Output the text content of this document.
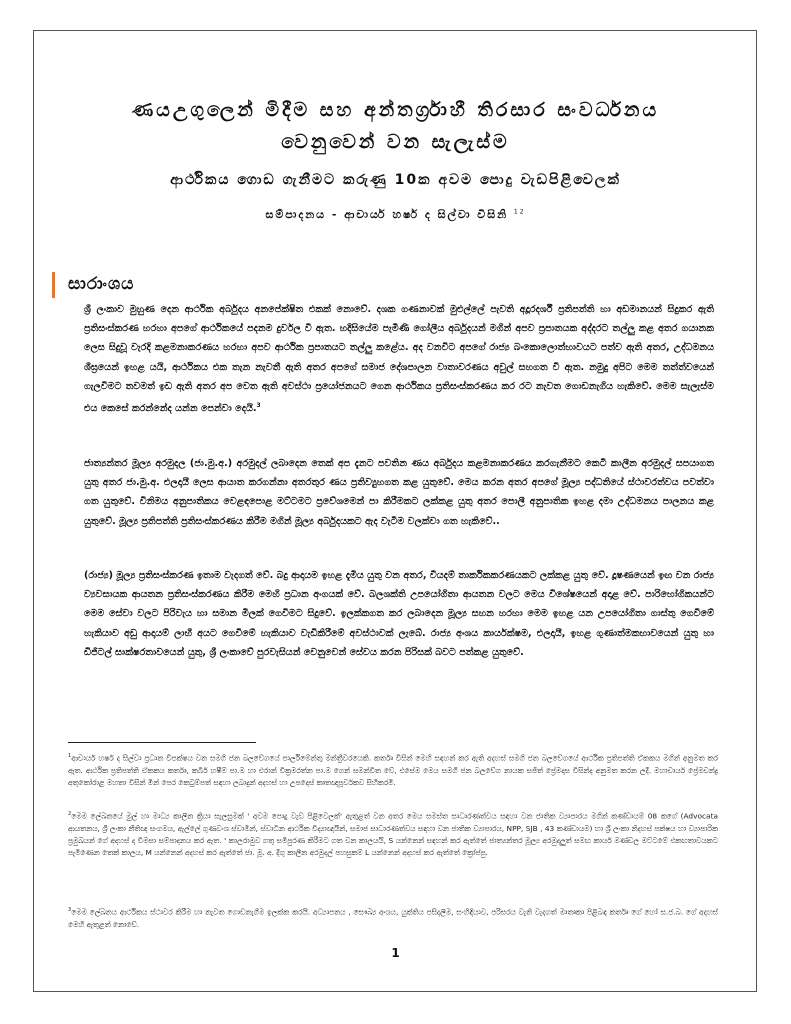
ණයඋගුලෙන් මිදීම සහ අන්තර්ග්‍රාහී තිරසාර සංවර්ධනය
වෙනුවෙන් වන සැලැස්ම
ආර්ථිකය ගොඩ ගැනීමට කරුණු 10ක අවම පොදු වැඩපිළිවෙලක්
සම්පාදනය - ආචාර්ය හර්ෂ ද සිල්වා විසිනි $^{12}$
සාරාංශය

ශ්‍රී ලංකාව මුහුණ දෙන ආර්ථික අර්බුදය අනපේක්ෂිත එකක් නොවේ. දශක ගණනාවක් මුළුල්ලේ පැවති අදූරදර්ශී ප්‍රතිපත්ති හා අඩමානයන් සිදුකර ඇති ප්‍රතිසංස්කරණ හරහා අපගේ ආර්ථිකයේ පදනම දුර්වල වී ඇත. හදිසියේම පැමිණි ගෝලීය අර්බුදයන් මගින් අපව ප්‍රපාතයක අද්දරට තල්ලු කළ අතර ගයානක ලෙස සිදුවූ වැරදි කළමනාකරණය හරහා අපව ආර්ථික ප්‍රපාතයට තල්ලු කළේය. අද වනවිට අපගේ රාජ්‍ය බංකොලොත්භාවයට පත්ව ඇති අතර, උද්ධමනය ශීඝ්‍රයෙන් ඉහළ යයි, ආර්ථිකය එක තැන නැවතී ඇති අතර අපගේ සමාජ දේශපාලන වාතාවරණය අවුල් සහගත වී ඇත. නමුදු අපිට මෙම තත්ත්වයෙන් ගැලවීමට තවමත් ඉඩ ඇති අතර අප වෙත ඇති අවස්ථා ප්‍රයෝජනයට ගෙන ආර්ථිකය ප්‍රතිසංස්කරණය කර රට නැවත ගොඩනැගිය හැකිවේ. මෙම සැලැස්ම එය කෙසේ කරන්නේද යන්න පෙන්වා දෙයි.$^3$

ජාත්‍යන්තර මූල්‍ය අරමුදල (ජා.මු.අ.) අරමුදල් ලබාදෙන තෙක් අප දැනට පවතින ණය අර්බුදය කළමනාකරණය කරගැනීමට කෙටි කාලීන අරමුදල් සපයාගත යුතු අතර ජා.මු.අ. එලදායී ලෙස ආයාත කරගන්නා අතරතුර ණය ප්‍රතිව්‍යුහගත කළ යුතුවේ. මෙය කරන අතර අපගේ මූල්‍ය පද්ධතියේ ස්ථාවරත්වය පවත්වා ගත යුතුවේ. විනිමය අනුපාතිකය වෙළඳපොළ මට්ටමට ප්‍රවේශමෙන් පා කිරීමකට ලක්කළ යුතු අතර පොලී අනුපාතික ඉහළ දමා උද්ධමනය පාලනය කළ යුතුවේ. මූල්‍ය ප්‍රතිපත්ති ප්‍රතිසංස්කරණය කිරීම මගින් මූල්‍ය අර්බුදයකට ඇද වැටීම වලක්වා ගත හැකිවේ..

(රාජ්‍ය) මූල්‍ය ප්‍රතිසංස්කරණ ඉතාම වැදගත් වේ. බදු ආදායම ඉහළ දැමිය යුතු වන අතර, වියදම් තාර්කිකකරණයකට ලක්කළ යුතු වේ. දූෂණයෙන් ඉඟ වන රාජ්‍ය ව්‍යවසායක ආයතන ප්‍රතිසංස්කරණය කිරීම මෙහි ප්‍රධාන අංගයක් වේ. බලශක්ති උපයෝගිතා ආයතන වලට මෙය විශේෂයෙන් අදාළ වේ. පාරිභෝගිකයන්ට මෙම සේවා වලට පිරිවැය හා සමාන මිලක් ගෙවීමට සිදුවේ. ඉලක්කගත කර ලබාදෙන මූල්‍ය සහන හරහා මෙම ඉහළ යන උපයෝගිතා ගාස්තු ගෙවීමේ හැකියාව අඩු ආදායම් ලාභී අයට ගෙවීමේ හැකියාව වැඩිකිරීමේ අවස්ථාවක් ලැබේ. රාජ්‍ය අංශය කාර්යක්ෂම, එලදායී, ඉහළ ගුණාත්මකභාවයෙන් යුතු හා ඩිජිටල් සාක්ෂරතාවයෙන් යුතු, ශ්‍රී ලංකාවේ පුරවැසියන් වෙනුවෙන් සේවය කරන පිරිසක් බවට පත්කළ යුතුවේ.

$^1$ආචාර්ය හර්ෂ ද සිල්වා ප්‍රධාන විපක්ෂය වන සමගි ජන බලවේගයේ පාර්ලිමේන්තු මන්ත්‍රීවරයෙකි. කර්තෘ විසින් මෙහි සඳහන් කර ඇති අදහස් සමගි ජන බලවේගයේ ආර්ථික ප්‍රතිපත්ති ඒකකය මගින් අනුමත කර ඇත. ආර්ථික ප්‍රතිපත්ති ඒකකය කර්තෘ, කබීර් හෂීම් පා.ම හා එරාන් වික්‍රමරත්න පා.ම ගෙන් සමන්විත වේ, එසේම මෙය සමගි ජන බලවේග නායක සජිත් ප්‍රේමදාස විසින්ද අනුමත කරන ලදී. මහාචාර්ය ප්‍රේමචන්ද්‍ර අතුකෝරාළ මහතා විසින් මින් පෙර කෙටුම්පත් සඳහා ලබාදුන් අදහස් හා උපදෙස් කෘතඥපූර්වකව සිහිකරමි.

$^2$මෙම ලේඛනයේ මුල් හා මාධ්‍ය කාලීන ක්‍රියා සැලසුමක් ' අවම පොදු වැඩ පිළිවෙලක්' ඇතුළත් වන අතර මෙය සමස්ත සාධාරණත්වය සඳහා වන ජාතික ව්‍යාපාරය මගින් කණ්ඩායම් 08 කගේ (Advocata ආයතනය, ශ්‍රී ලංකා නීතිඥ සංගමය, ඇල්ලේ ගුණවංශ ස්වාමීන්, ස්වාධීන ආර්ථික විද්‍යාඥයින්, සමාජ සාධාරණත්වය සඳහා වන ජාතික ව්‍යාපාරය, NPP, SJB , 43 කණ්ඩායම) හා ශ්‍රී ලංකා නිදහස් පක්ෂය හා ව්‍යාපාරික ප්‍රමුඛයන් ගේ අදහස් ද විමසා සම්පාදනය කර ඇත. ' කාලරාමුව ගතු සමීපුරණ කිරීමට ගත වන කාලයයි, S යන්නෙන් සඳහන් කර ඇත්තේ ජාත්‍යන්තර මූල්‍ය අරමුදලුත් සමඟ කාර්ය මණ්ඩල මට්ටමේ එකඟතාවයකට පැමිණෙන තෙක් කාලය, M යන්නෙන් අදහස් කර ඇත්තේ ජා. මූ. අ. දිගු කාලීන අරමුදල් පහසුකම් L යන්නෙන් අදහස් කර ඇත්තේ ක්‍රෝප්පු.

$^3$මෙම ලේඛනය ආර්ථිකය ස්ථාවර කිරීම හා නැවත ගොඩනැගීම ඉලක්ක කරයි. අධ්‍යාපනය , සෞඛ්‍ය අංශය, යුක්තිය පසිදලීම, සංහිඳියාව, පරිසරය වැනි වැදගත් මාතෘකා පිළිබඳ කර්තෘ ගේ හෝ ස.ජ.බ. ගේ අදහස් මෙහි ඇතුළත් නොවේ.

1
